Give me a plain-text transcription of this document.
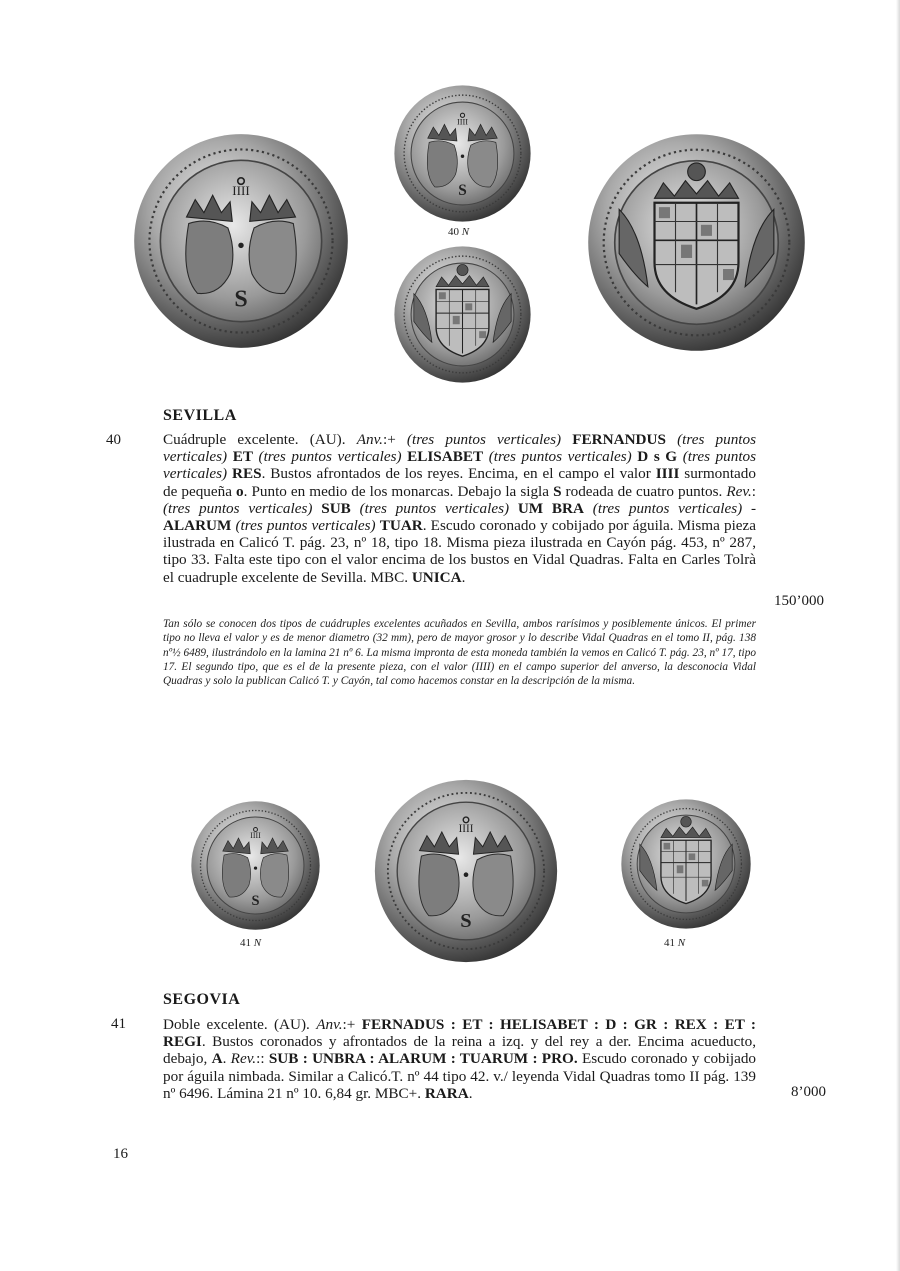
40 N
SEVILLA
40	Cuádruple excelente. (AU). Anv.:+ (tres puntos verticales) FERNANDUS (tres puntos verticales) ET (tres puntos verticales) ELISABET (tres puntos verticales) D s G (tres puntos verticales) RES. Bustos afrontados de los reyes. Encima, en el campo el valor IIII surmontado de pequeña o. Punto en medio de los monarcas. Debajo la sigla S rodeada de cuatro puntos. Rev.: (tres puntos verticales) SUB (tres puntos verticales) UM BRA (tres puntos verticales) - ALARUM (tres puntos verticales) TUAR. Escudo coronado y cobijado por águila. Misma pieza ilustrada en Calicó T. pág. 23, nº 18, tipo 18. Misma pieza ilustrada en Cayón pág. 453, nº 287, tipo 33. Falta este tipo con el valor encima de los bustos en Vidal Quadras. Falta en Carles Tolrà el cuadruple excelente de Sevilla. MBC. UNICA.
150’000
Tan sólo se conocen dos tipos de cuádruples excelentes acuñados en Sevilla, ambos rarísimos y posiblemente únicos. El primer tipo no lleva el valor y es de menor diametro (32 mm), pero de mayor grosor y lo describe Vidal Quadras en el tomo II, pág. 138 nº½ 6489, ilustrándolo en la lamina 21 nº 6. La misma impronta de esta moneda también la vemos en Calicó T. pág. 23, nº 17, tipo 17. El segundo tipo, que es el de la presente pieza, con el valor (IIII) en el campo superior del anverso, la desconocia Vidal Quadras y solo la publican Calicó T. y Cayón, tal como hacemos constar en la descripción de la misma.
41 N	41 N
SEGOVIA
41 Doble excelente. (AU). Anv.:+ FERNADUS : ET : HELISABET : D : GR : REX : ET : REGI. Bustos coronados y afrontados de la reina a izq. y del rey a der. Encima acueducto, debajo, A. Rev.:: SUB : UNBRA : ALARUM : TUARUM : PRO. Escudo coronado y cobijado por águila nimbada. Similar a Calicó.T. nº 44 tipo 42. v./ leyenda Vidal Quadras tomo II pág. 139 nº 6496. Lámina 21 nº 10. 6,84 gr. MBC+. RARA.	8’000
16
